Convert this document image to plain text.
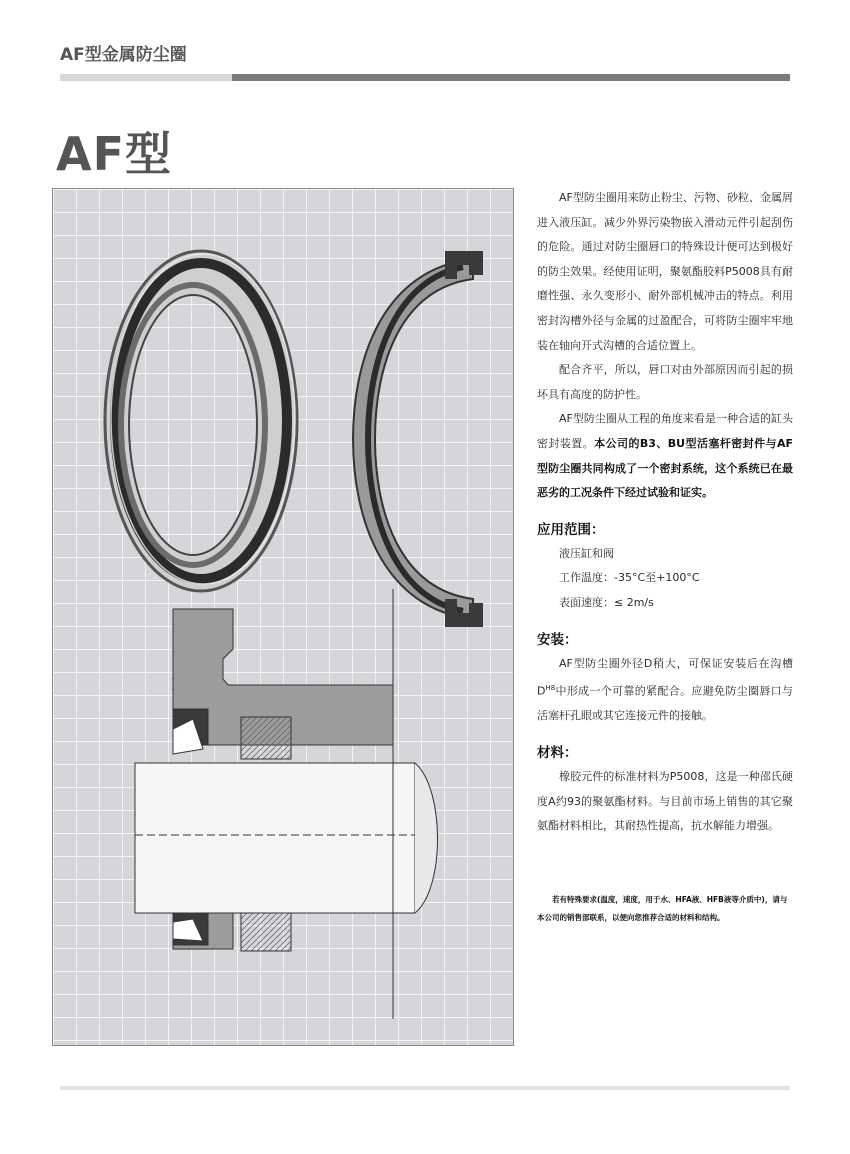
AF型金属防尘圈
AF型

AF型防尘圈用来防止粉尘、污物、砂粒、金属屑进入液压缸。减少外界污染物嵌入滑动元件引起刮伤的危险。通过对防尘圈唇口的特殊设计便可达到极好的防尘效果。经使用证明，聚氨酯胶料P5008具有耐磨性强、永久变形小、耐外部机械冲击的特点。利用密封沟槽外径与金属的过盈配合，可将防尘圈牢牢地装在轴向开式沟槽的合适位置上。

配合齐平，所以，唇口对由外部原因而引起的损坏具有高度的防护性。

AF型防尘圈从工程的角度来看是一种合适的缸头密封装置。本公司的B3、BU型活塞杆密封件与AF型防尘圈共同构成了一个密封系统，这个系统已在最恶劣的工况条件下经过试验和证实。

应用范围：
液压缸和阀
工作温度：-35°C至+100°C
表面速度：≤ 2m/s
安装：

AF型防尘圈外径D稍大，可保证安装后在沟槽$D^{H8}$中形成一个可靠的紧配合。应避免防尘圈唇口与活塞杆孔眼或其它连接元件的接触。

材料：

橡胶元件的标准材料为P5008，这是一种邵氏硬度A约93的聚氨酯材料。与目前市场上销售的其它聚氨酯材料相比，其耐热性提高，抗水解能力增强。

若有特殊要求(温度，速度，用于水、HFA液、HFB液等介质中)，请与本公司的销售部联系，以便向您推荐合适的材料和结构。
